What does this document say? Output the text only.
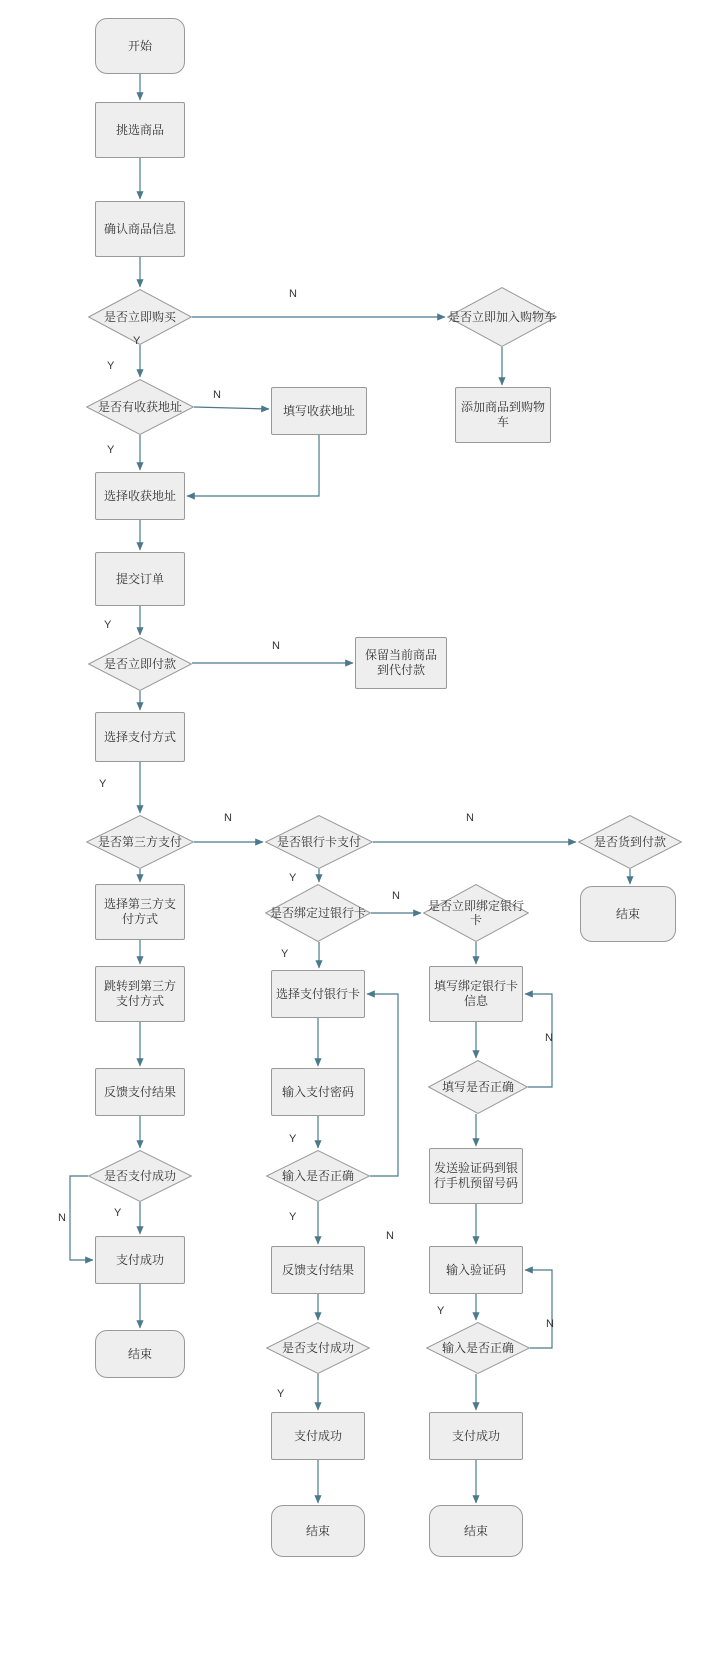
开始
挑选商品
确认商品信息
是否立即购买	是否立即加入购物车
添加商品到购物车
是否有收获地址	填写收获地址
选择收获地址
提交订单
是否立即付款
保留当前商品到代付款
选择支付方式
是否第三方支付	是否银行卡支付	是否货到付款
结束
选择第三方支付方式	是否绑定过银行卡	是否立即绑定银行卡
跳转到第三方支付方式
选择支付银行卡
填写绑定银行卡信息
反馈支付结果	输入支付密码	填写是否正确
是否支付成功	输入是否正确
发送验证码到银行手机预留号码
支付成功
反馈支付结果	输入验证码
结束	是否支付成功	输入是否正确
支付成功	支付成功
结束	结束
N
Y
Y
N
Y
Y
N
Y
N	N
Y
N
Y
N
Y
N
Y
Y
N
Y
N
Y
